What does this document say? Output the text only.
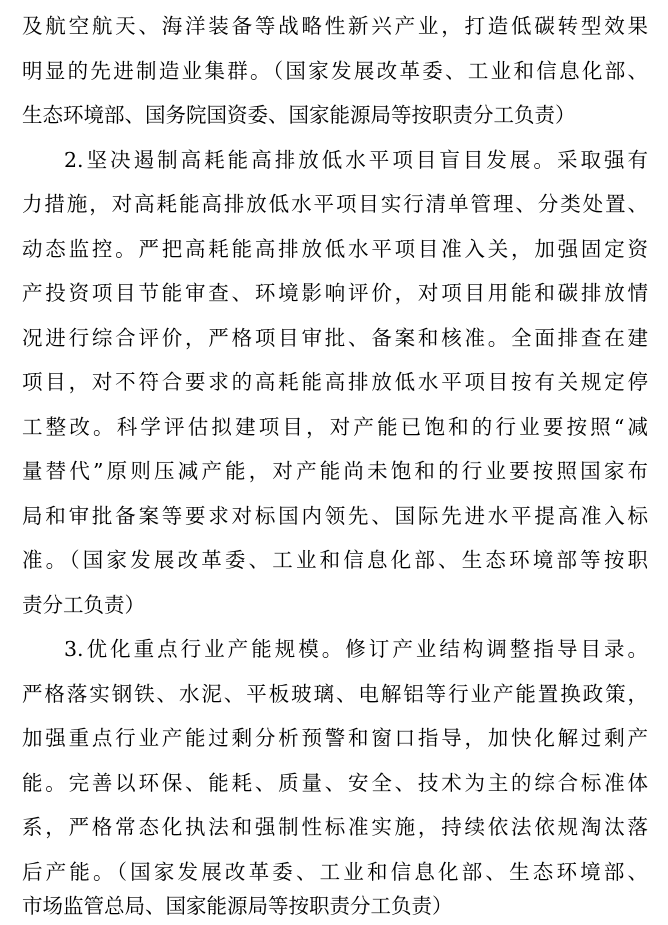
及航空航天、海洋装备等战略性新兴产业，打造低碳转型效果
明显的先进制造业集群。（国家发展改革委、工业和信息化部、
生态环境部、国务院国资委、国家能源局等按职责分工负责）
2.坚决遏制高耗能高排放低水平项目盲目发展。采取强有
力措施，对高耗能高排放低水平项目实行清单管理、分类处置、
动态监控。严把高耗能高排放低水平项目准入关，加强固定资
产投资项目节能审查、环境影响评价，对项目用能和碳排放情
况进行综合评价，严格项目审批、备案和核准。全面排查在建
项目，对不符合要求的高耗能高排放低水平项目按有关规定停
工整改。科学评估拟建项目，对产能已饱和的行业要按照“减
量替代”原则压减产能，对产能尚未饱和的行业要按照国家布
局和审批备案等要求对标国内领先、国际先进水平提高准入标
准。（国家发展改革委、工业和信息化部、生态环境部等按职
责分工负责）
3.优化重点行业产能规模。修订产业结构调整指导目录。
严格落实钢铁、水泥、平板玻璃、电解铝等行业产能置换政策，
加强重点行业产能过剩分析预警和窗口指导，加快化解过剩产
能。完善以环保、能耗、质量、安全、技术为主的综合标准体
系，严格常态化执法和强制性标准实施，持续依法依规淘汰落
后产能。（国家发展改革委、工业和信息化部、生态环境部、
市场监管总局、国家能源局等按职责分工负责）
